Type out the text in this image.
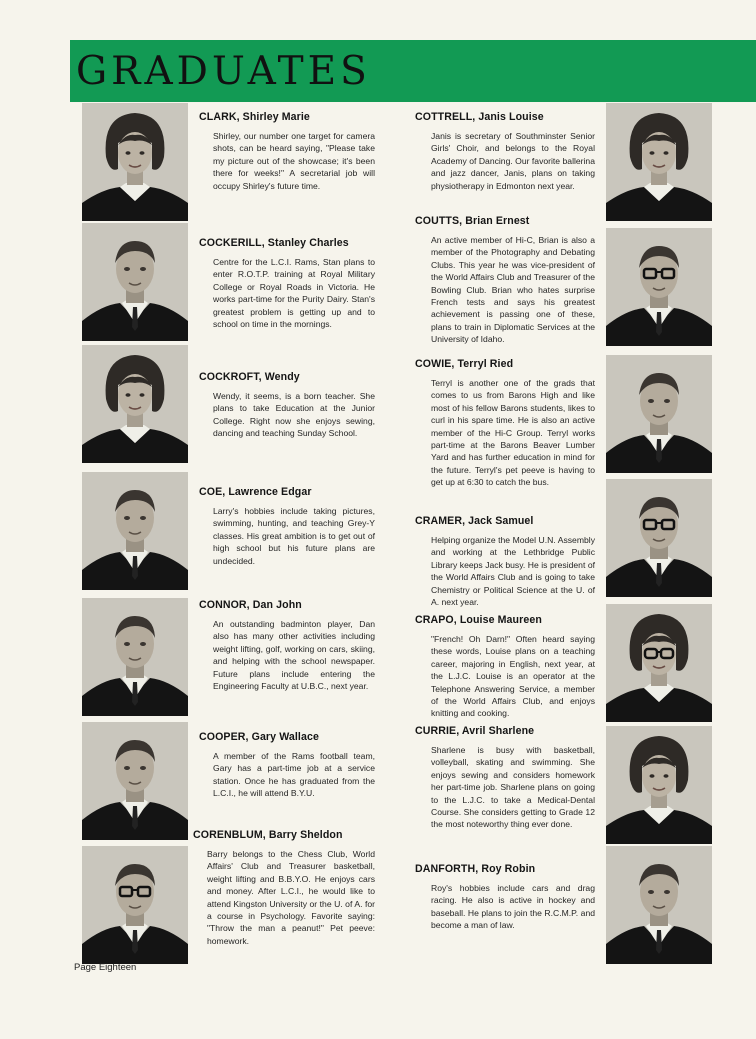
GRADUATES

CLARK, Shirley Marie

Shirley, our number one target for camera shots, can be heard saying, "Please take my picture out of the showcase; it's been there for weeks!" A secretarial job will occupy Shirley's future time.

COCKERILL, Stanley Charles

Centre for the L.C.I. Rams, Stan plans to enter R.O.T.P. training at Royal Military College or Royal Roads in Victoria. He works part-time for the Purity Dairy. Stan's greatest problem is getting up and to school on time in the mornings.

COCKROFT, Wendy

Wendy, it seems, is a born teacher. She plans to take Education at the Junior College. Right now she enjoys sewing, dancing and teaching Sunday School.

COE, Lawrence Edgar

Larry's hobbies include taking pictures, swimming, hunting, and teaching Grey-Y classes. His great ambition is to get out of high school but his future plans are undecided.

CONNOR, Dan John

An outstanding badminton player, Dan also has many other activities including weight lifting, golf, working on cars, skiing, and helping with the school newspaper. Future plans include entering the Engineering Faculty at U.B.C., next year.

COOPER, Gary Wallace

A member of the Rams football team, Gary has a part-time job at a service station. Once he has graduated from the L.C.I., he will attend B.Y.U.

CORENBLUM, Barry Sheldon

Barry belongs to the Chess Club, World Affairs' Club and Treasurer basketball, weight lifting and B.B.Y.O. He enjoys cars and money. After L.C.I., he would like to attend Kingston University or the U. of A. for a course in Psychology. Favorite saying: "Throw the man a peanut!" Pet peeve: homework.

COTTRELL, Janis Louise

Janis is secretary of Southminster Senior Girls' Choir, and belongs to the Royal Academy of Dancing. Our favorite ballerina and jazz dancer, Janis, plans on taking physiotherapy in Edmonton next year.

COUTTS, Brian Ernest

An active member of Hi-C, Brian is also a member of the Photography and Debating Clubs. This year he was vice-president of the World Affairs Club and Treasurer of the Bowling Club. Brian who hates surprise French tests and says his greatest achievement is passing one of these, plans to train in Diplomatic Services at the University of Idaho.

COWIE, Terryl Ried

Terryl is another one of the grads that comes to us from Barons High and like most of his fellow Barons students, likes to curl in his spare time. He is also an active member of the Hi-C Group. Terryl works part-time at the Barons Beaver Lumber Yard and has further education in mind for the future. Terryl's pet peeve is having to get up at 6:30 to catch the bus.

CRAMER, Jack Samuel

Helping organize the Model U.N. Assembly and working at the Lethbridge Public Library keeps Jack busy. He is president of the World Affairs Club and is going to take Chemistry or Political Science at the U. of A. next year.

CRAPO, Louise Maureen

"French! Oh Darn!" Often heard saying these words, Louise plans on a teaching career, majoring in English, next year, at the L.J.C. Louise is an operator at the Telephone Answering Service, a member of the World Affairs Club, and enjoys knitting and cooking.

CURRIE, Avril Sharlene

Sharlene is busy with basketball, volleyball, skating and swimming. She enjoys sewing and considers homework her part-time job. Sharlene plans on going to the L.J.C. to take a Medical-Dental Course. She considers getting to Grade 12 the most noteworthy thing ever done.

DANFORTH, Roy Robin

Roy's hobbies include cars and drag racing. He also is active in hockey and baseball. He plans to join the R.C.M.P. and become a man of law.

Page Eighteen
